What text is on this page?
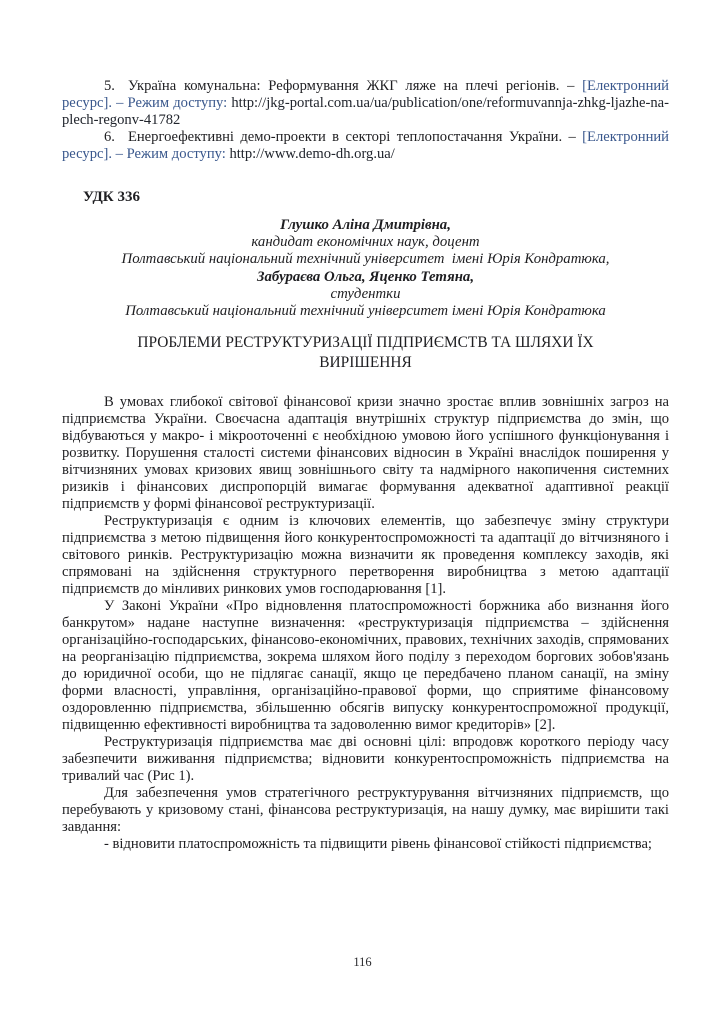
5. Україна комунальна: Реформування ЖКГ ляже на плечі регіонів. – [Електронний ресурс]. – Режим доступу: http://jkg-portal.com.ua/ua/publication/one/reformuvannja-zhkg-ljazhe-na-plech-regonv-41782

6. Енергоефективні демо-проекти в секторі теплопостачання України. – [Електронний ресурс]. – Режим доступу: http://www.demo-dh.org.ua/

УДК 336

Глушко Аліна Дмитрівна,

кандидат економічних наук, доцент

Полтавський національний технічний університет  імені Юрія Кондратюка,

Забураєва Ольга, Яценко Тетяна,

студентки

Полтавський національний технічний університет імені Юрія Кондратюка

ПРОБЛЕМИ РЕСТРУКТУРИЗАЦІЇ ПІДПРИЄМСТВ ТА ШЛЯХИ ЇХ ВИРІШЕННЯ

В умовах глибокої світової фінансової кризи значно зростає вплив зовнішніх загроз на підприємства України. Своєчасна адаптація внутрішніх структур підприємства до змін, що відбуваються у макро- і мікрооточенні є необхідною умовою його успішного функціонування і розвитку. Порушення сталості системи фінансових відносин в Україні внаслідок поширення у вітчизняних умовах кризових явищ зовнішнього світу та надмірного накопичення системних ризиків і фінансових диспропорцій вимагає формування адекватної адаптивної реакції підприємств у формі фінансової реструктуризації.

Реструктуризація є одним із ключових елементів, що забезпечує зміну структури підприємства з метою підвищення його конкурентоспроможності та адаптації до вітчизняного і світового ринків. Реструктуризацію можна визначити як проведення комплексу заходів, які спрямовані на здійснення структурного перетворення виробництва з метою адаптації підприємств до мінливих ринкових умов господарювання [1].

У Законі України «Про відновлення платоспроможності боржника або визнання його банкрутом» надане наступне визначення: «реструктуризація підприємства – здійснення організаційно-господарських, фінансово-економічних, правових, технічних заходів, спрямованих на реорганізацію підприємства, зокрема шляхом його поділу з переходом боргових зобов'язань до юридичної особи, що не підлягає санації, якщо це передбачено планом санації, на зміну форми власності, управління, організаційно-правової форми, що сприятиме фінансовому оздоровленню підприємства, збільшенню обсягів випуску конкурентоспроможної продукції, підвищенню ефективності виробництва та задоволенню вимог кредиторів» [2].

Реструктуризація підприємства має дві основні цілі: впродовж короткого періоду часу забезпечити виживання підприємства; відновити конкурентоспроможність підприємства на тривалий час (Рис 1).

Для забезпечення умов стратегічного реструктурування вітчизняних підприємств, що перебувають у кризовому стані, фінансова реструктуризація, на нашу думку, має вирішити такі завдання:

- відновити платоспроможність та підвищити рівень фінансової стійкості підприємства;

116
